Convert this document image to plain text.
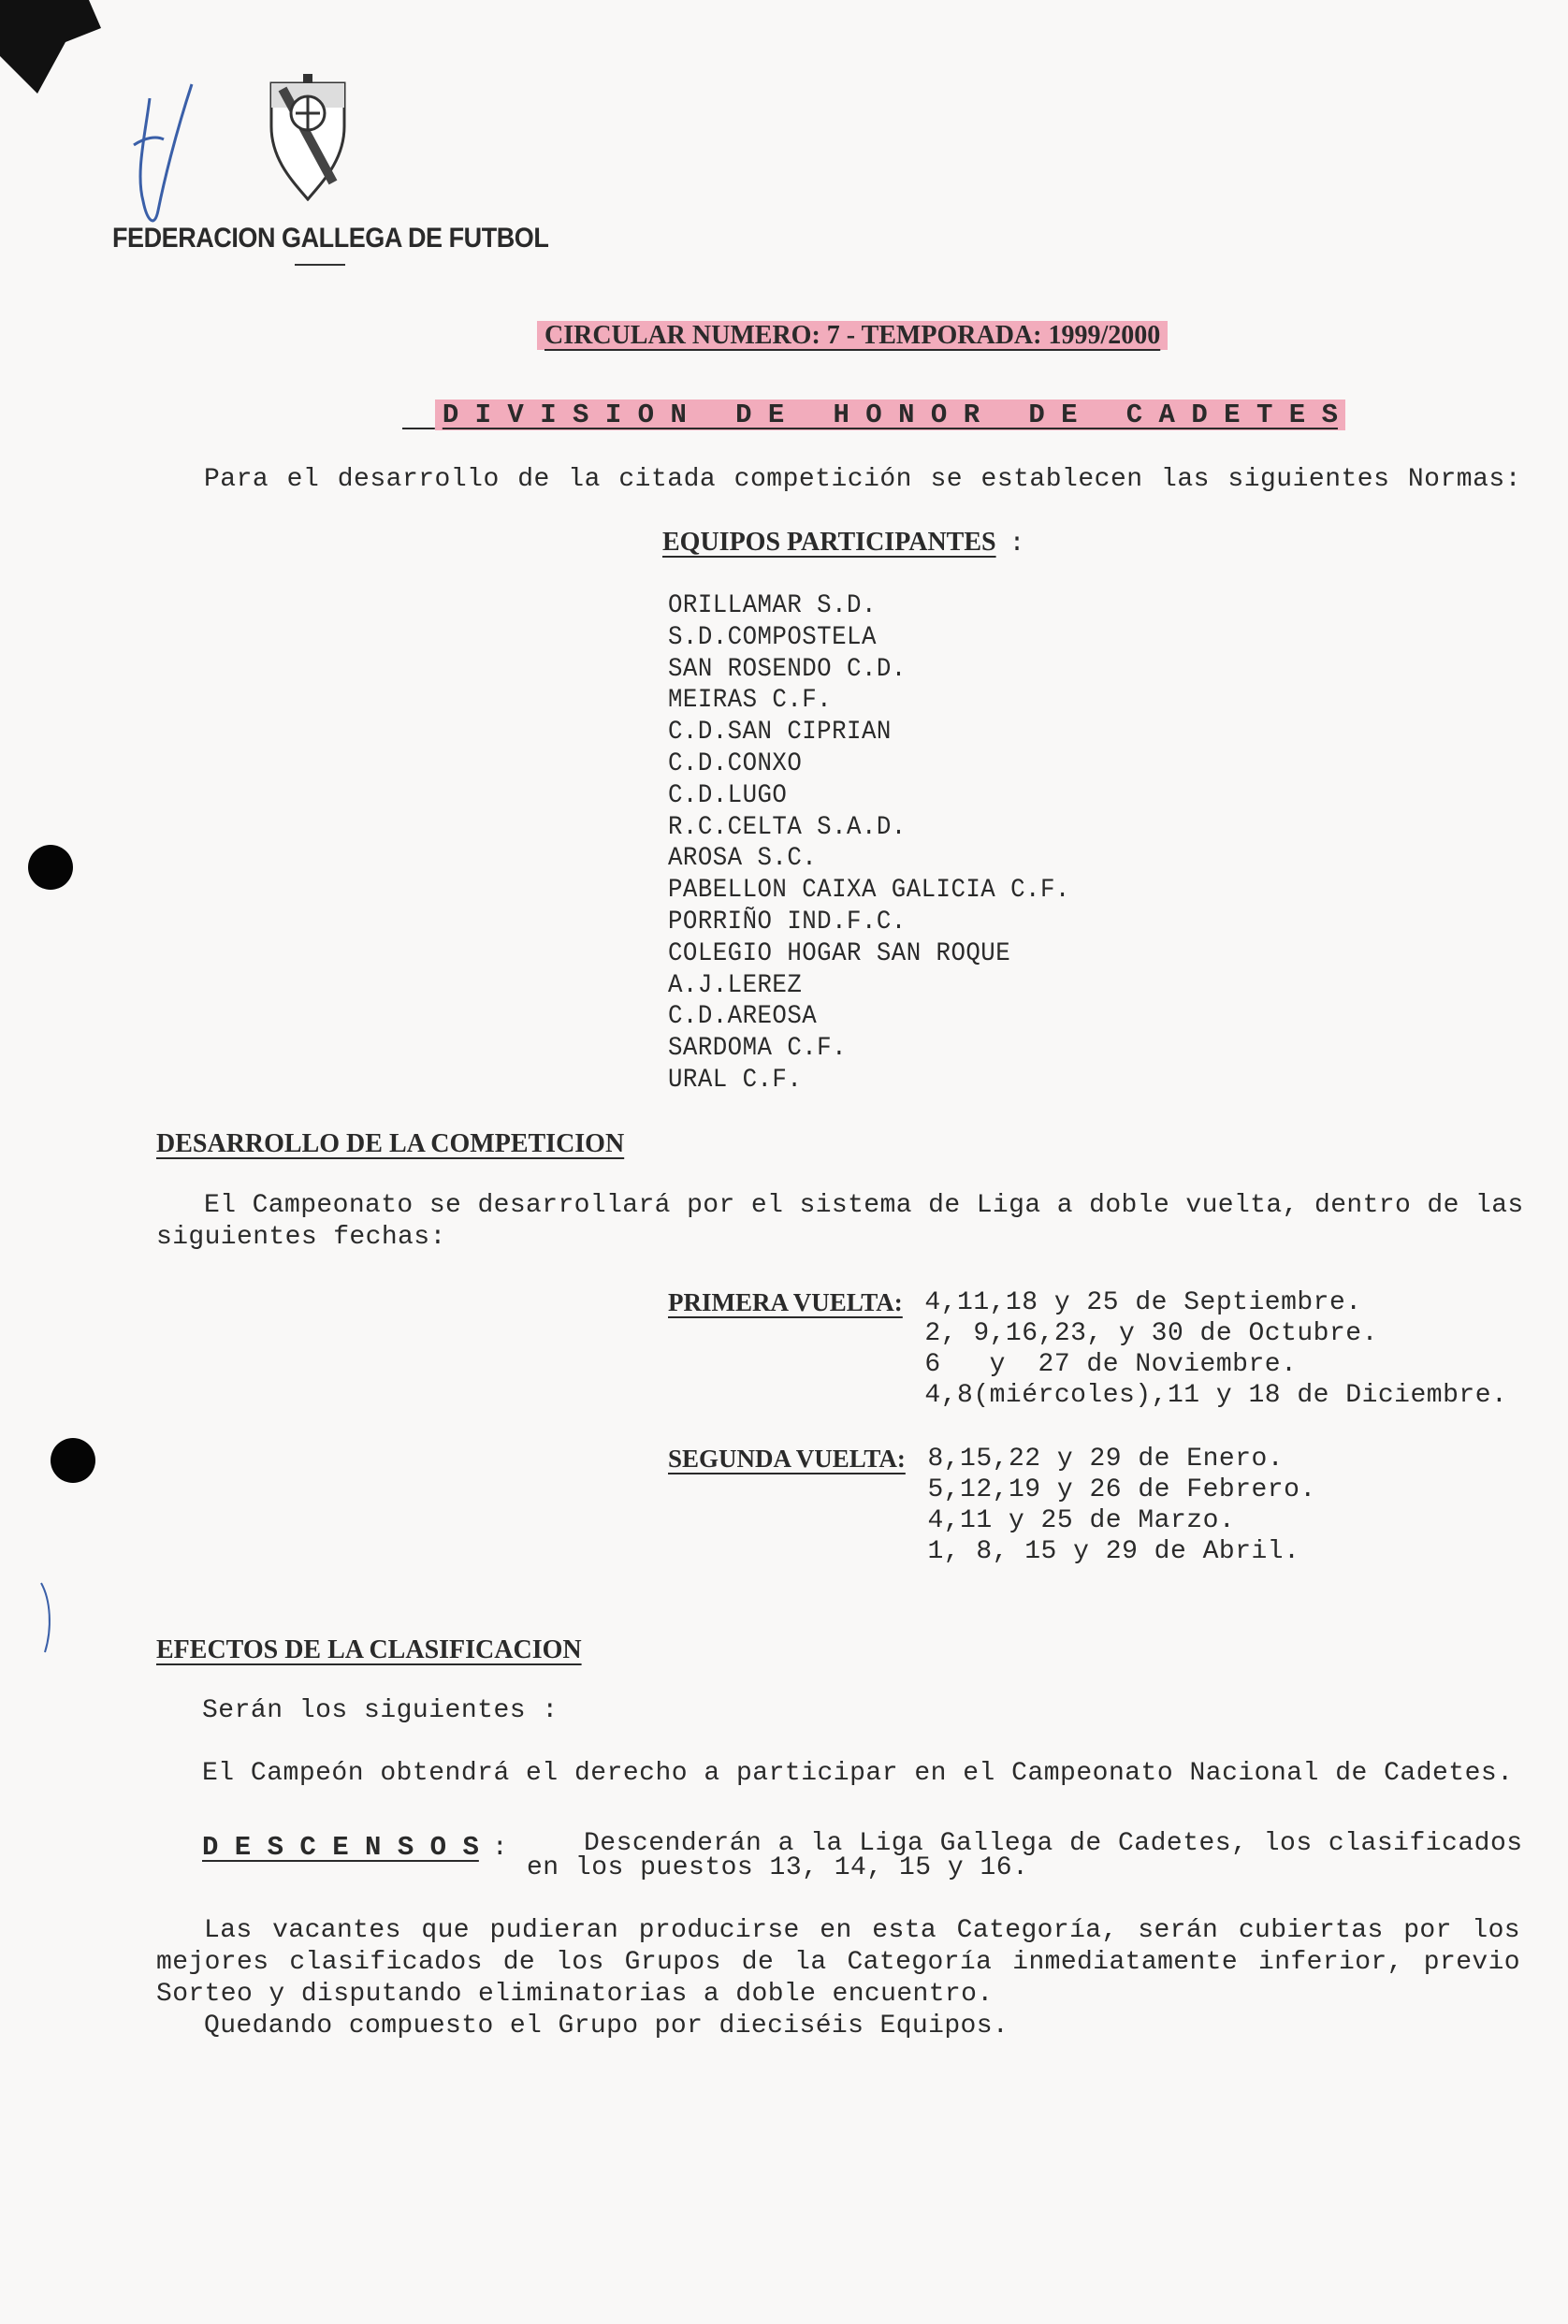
FEDERACION GALLEGA DE FUTBOL
CIRCULAR NUMERO: 7 - TEMPORADA: 1999/2000

D I V I S I O N   D E   H O N O R   D E   C A D E T E S

Para el desarrollo de la citada competición se establecen las siguientes Normas:
EQUIPOS PARTICIPANTES :
ORILLAMAR S.D.
S.D.COMPOSTELA
SAN ROSENDO C.D.
MEIRAS C.F.
C.D.SAN CIPRIAN
C.D.CONXO
C.D.LUGO
R.C.CELTA S.A.D.
AROSA S.C.
PABELLON CAIXA GALICIA C.F.
PORRIÑO IND.F.C.
COLEGIO HOGAR SAN ROQUE
A.J.LEREZ
C.D.AREOSA
SARDOMA C.F.
URAL C.F.
DESARROLLO DE LA COMPETICION
El Campeonato se desarrollará por el sistema de Liga a doble vuelta, dentro de las
siguientes fechas:
PRIMERA VUELTA: 4,11,18 y 25 de Septiembre.
2, 9,16,23, y 30 de Octubre.
6   y  27 de Noviembre.
4,8(miércoles),11 y 18 de Diciembre.
SEGUNDA VUELTA: 8,15,22 y 29 de Enero.
5,12,19 y 26 de Febrero.
4,11 y 25 de Marzo.
1, 8, 15 y 29 de Abril.
EFECTOS DE LA CLASIFICACION
Serán los siguientes :
El Campeón obtendrá el derecho a participar en el Campeonato Nacional de Cadetes.
D E S C E N S O S :	Descenderán a la Liga Gallega de Cadetes, los clasificados
en los puestos 13, 14, 15 y 16.
Las vacantes que pudieran producirse en esta Categoría, serán cubiertas por los
mejores clasificados de los Grupos de la Categoría inmediatamente inferior, previo
Sorteo y disputando eliminatorias a doble encuentro.
Quedando compuesto el Grupo por dieciséis Equipos.
